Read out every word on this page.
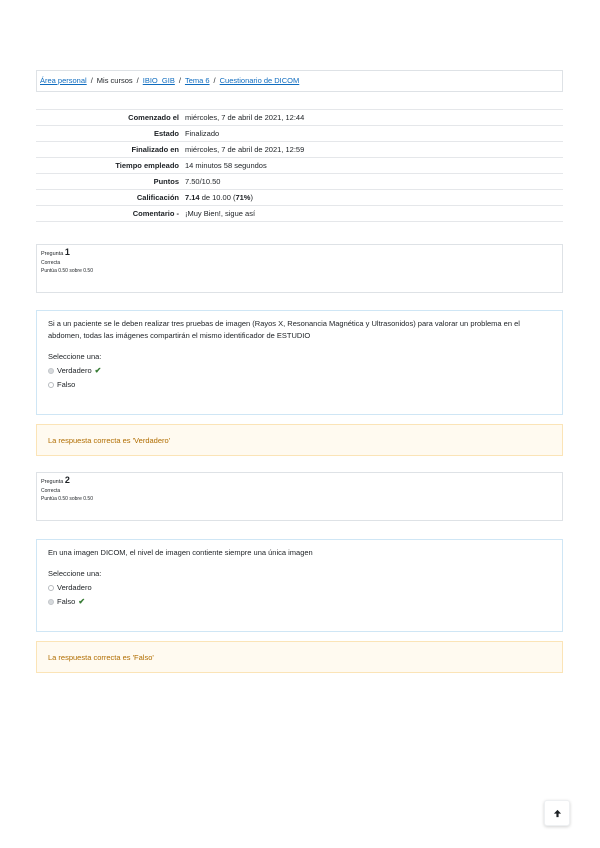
Área personal / Mis cursos / IBIO_GIB / Tema 6 / Cuestionario de DICOM
Comenzado el	miércoles, 7 de abril de 2021, 12:44
Estado	Finalizado
Finalizado en	miércoles, 7 de abril de 2021, 12:59
Tiempo empleado	14 minutos 58 segundos
Puntos	7.50/10.50
Calificación	7.14 de 10.00 (71%)
Comentario -	¡Muy Bien!, sigue así
Pregunta 1
Correcta
Puntúa 0.50 sobre 0.50

Si a un paciente se le deben realizar tres pruebas de imagen (Rayos X, Resonancia Magnética y Ultrasonidos) para valorar un problema en el abdomen, todas las imágenes compartirán el mismo identificador de ESTUDIO

Seleccione una:

Verdadero ✔
Falso
La respuesta correcta es 'Verdadero'
Pregunta 2
Correcta
Puntúa 0.50 sobre 0.50

En una imagen DICOM, el nivel de imagen contiente siempre una única imagen

Seleccione una:

Verdadero
Falso ✔
La respuesta correcta es 'Falso'
